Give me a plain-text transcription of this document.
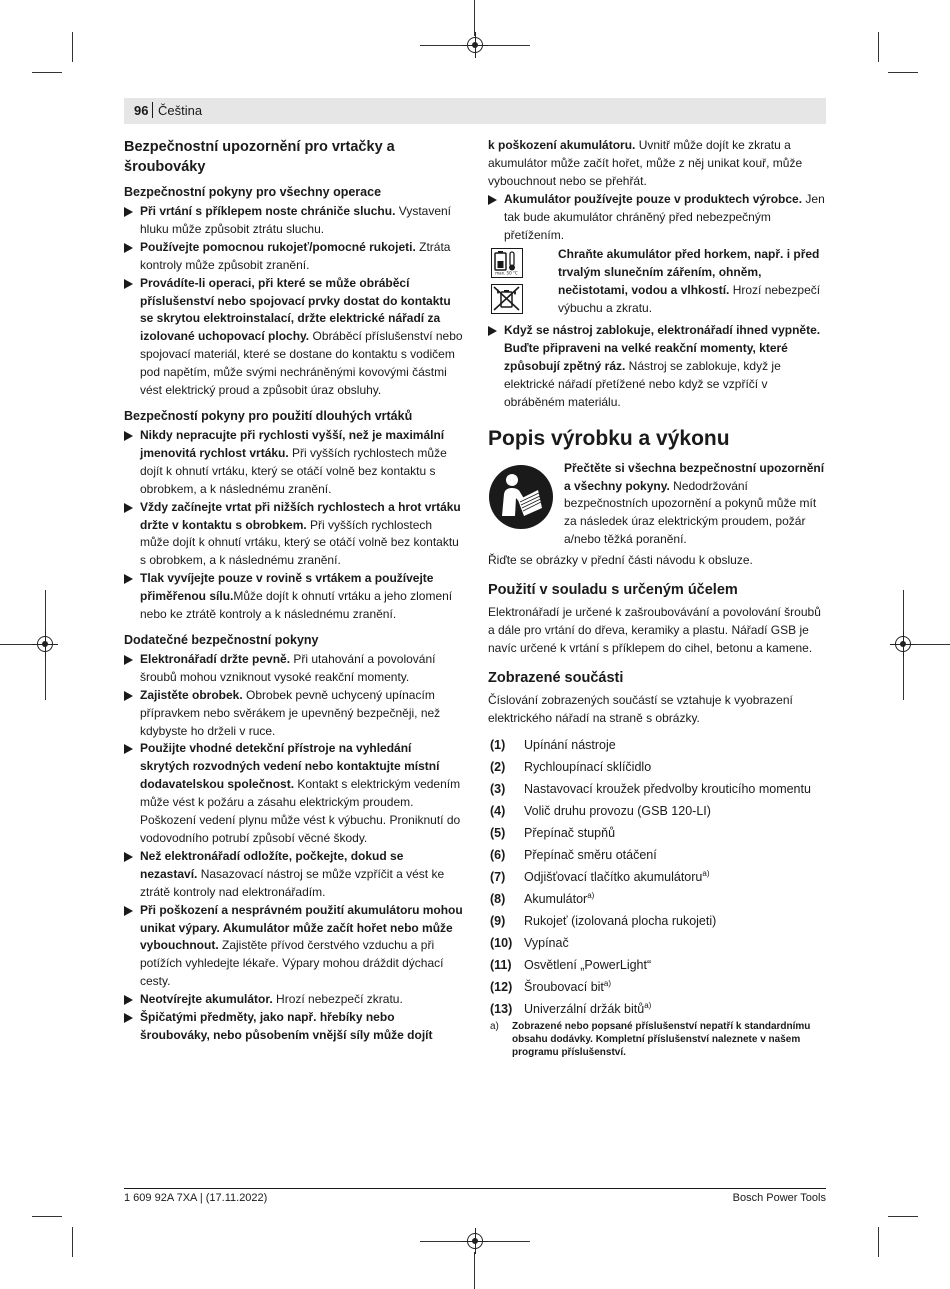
96 Čeština
Bezpečnostní upozornění pro vrtačky a šroubováky
Bezpečnostní pokyny pro všechny operace

Při vrtání s příklepem noste chrániče sluchu. Vystavení hluku může způsobit ztrátu sluchu.

Používejte pomocnou rukojeť/pomocné rukojeti. Ztráta kontroly může způsobit zranění.

Provádíte-li operaci, při které se může obráběcí příslušenství nebo spojovací prvky dostat do kontaktu se skrytou elektroinstalací, držte elektrické nářadí za izolované uchopovací plochy. Obráběcí příslušenství nebo spojovací materiál, které se dostane do kontaktu s vodičem pod napětím, může svými nechráněnými kovovými částmi vést elektrický proud a způsobit úraz obsluhy.

Bezpečností pokyny pro použití dlouhých vrtáků

Nikdy nepracujte při rychlosti vyšší, než je maximální jmenovitá rychlost vrtáku. Při vyšších rychlostech může dojít k ohnutí vrtáku, který se otáčí volně bez kontaktu s obrobkem, a k následnému zranění.

Vždy začínejte vrtat při nižších rychlostech a hrot vrtáku držte v kontaktu s obrobkem. Při vyšších rychlostech může dojít k ohnutí vrtáku, který se otáčí volně bez kontaktu s obrobkem, a k následnému zranění.

Tlak vyvíjejte pouze v rovině s vrtákem a používejte přiměřenou sílu.Může dojít k ohnutí vrtáku a jeho zlomení nebo ke ztrátě kontroly a k následnému zranění.

Dodatečné bezpečnostní pokyny

Elektronářadí držte pevně. Při utahování a povolování šroubů mohou vzniknout vysoké reakční momenty.

Zajistěte obrobek. Obrobek pevně uchycený upínacím přípravkem nebo svěrákem je upevněný bezpečněji, než kdybyste ho drželi v ruce.

Použijte vhodné detekční přístroje na vyhledání skrytých rozvodných vedení nebo kontaktujte místní dodavatelskou společnost. Kontakt s elektrickým vedením může vést k požáru a zásahu elektrickým proudem. Poškození vedení plynu může vést k výbuchu. Proniknutí do vodovodního potrubí způsobí věcné škody.

Než elektronářadí odložíte, počkejte, dokud se nezastaví. Nasazovací nástroj se může vzpříčit a vést ke ztrátě kontroly nad elektronářadím.

Při poškození a nesprávném použití akumulátoru mohou unikat výpary. Akumulátor může začít hořet nebo může vybouchnout. Zajistěte přívod čerstvého vzduchu a při potížích vyhledejte lékaře. Výpary mohou dráždit dýchací cesty.

Neotvírejte akumulátor. Hrozí nebezpečí zkratu.

Špičatými předměty, jako např. hřebíky nebo šroubováky, nebo působením vnější síly může dojít

k poškození akumulátoru. Uvnitř může dojít ke zkratu a akumulátor může začít hořet, může z něj unikat kouř, může vybouchnout nebo se přehřát.

Akumulátor používejte pouze v produktech výrobce. Jen tak bude akumulátor chráněný před nebezpečným přetížením.

max. 50 °C

Chraňte akumulátor před horkem, např. i před trvalým slunečním zářením, ohněm, nečistotami, vodou a vlhkostí. Hrozí nebezpečí výbuchu a zkratu.

Když se nástroj zablokuje, elektronářadí ihned vypněte. Buďte připraveni na velké reakční momenty, které způsobují zpětný ráz. Nástroj se zablokuje, když je elektrické nářadí přetížené nebo když se vzpříčí v obráběném materiálu.

Popis výrobku a výkonu

Přečtěte si všechna bezpečnostní upozornění a všechny pokyny. Nedodržování bezpečnostních upozornění a pokynů může mít za následek úraz elektrickým proudem, požár a/nebo těžká poranění.

Řiďte se obrázky v přední části návodu k obsluze.

Použití v souladu s určeným účelem

Elektronářadí je určené k zašroubovávání a povolování šroubů a dále pro vrtání do dřeva, keramiky a plastu. Nářadí GSB je navíc určené k vrtání s příklepem do cihel, betonu a kamene.

Zobrazené součásti

Číslování zobrazených součástí se vztahuje k vyobrazení elektrického nářadí na straně s obrázky.

(1) Upínání nástroje
(2) Rychloupínací sklíčidlo
(3) Nastavovací kroužek předvolby krouticího momentu
(4) Volič druhu provozu (GSB 120-LI)
(5) Přepínač stupňů
(6) Přepínač směru otáčení
(7) Odjišťovací tlačítko akumulátoru$^{a)}$
(8) Akumulátor$^{a)}$
(9) Rukojeť (izolovaná plocha rukojeti)
(10) Vypínač
(11) Osvětlení „PowerLight“
(12) Šroubovací bit$^{a)}$
(13) Univerzální držák bitů$^{a)}$

a) Zobrazené nebo popsané příslušenství nepatří k standardnímu obsahu dodávky. Kompletní příslušenství naleznete v našem programu příslušenství.

1 609 92A 7XA | (17.11.2022)	Bosch Power Tools
